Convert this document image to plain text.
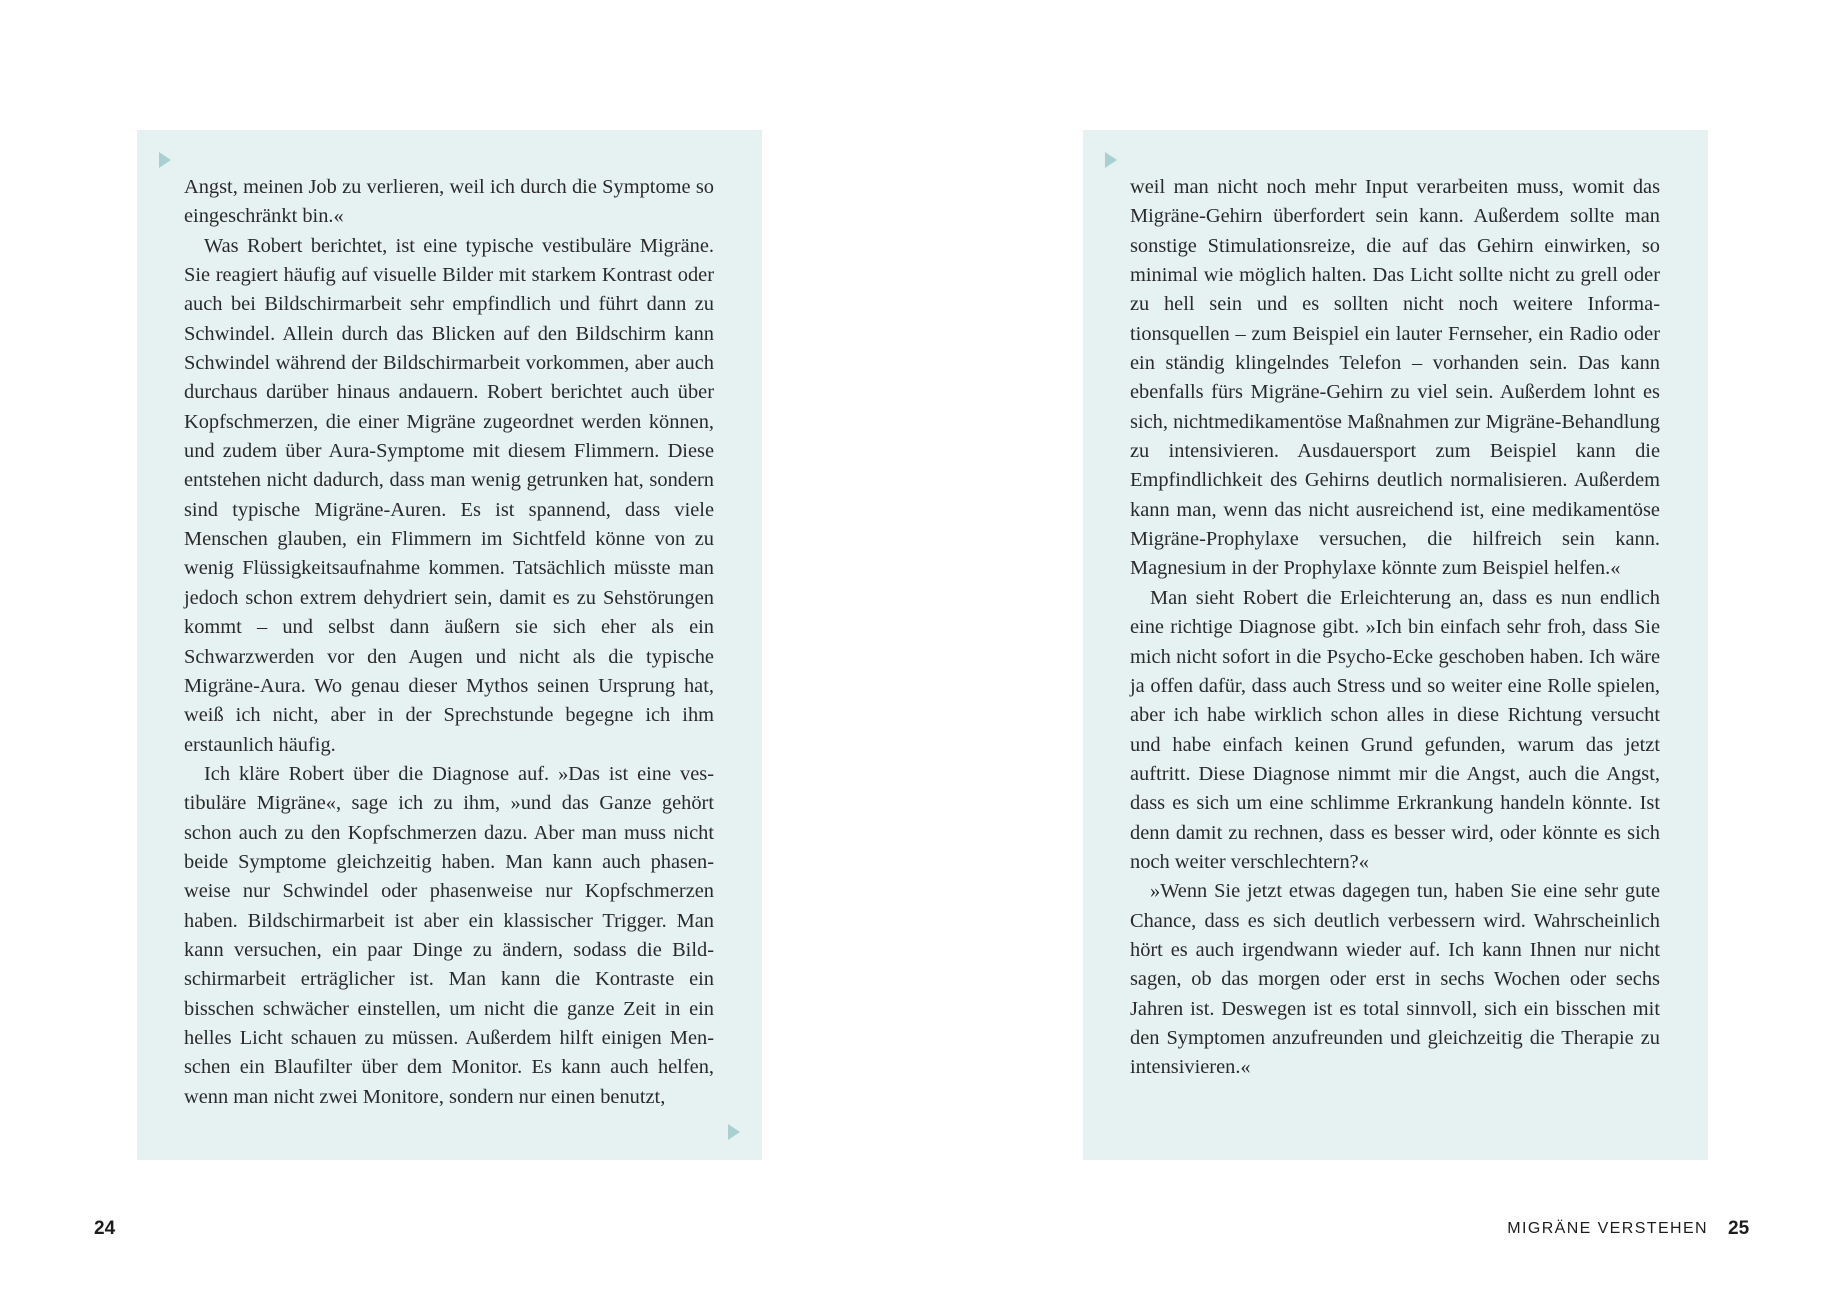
Angst, meinen Job zu verlieren, weil ich durch die Symptome so eingeschränkt bin.«

Was Robert berichtet, ist eine typische vestibuläre Migräne. Sie reagiert häufig auf visuelle Bilder mit starkem Kontrast oder auch bei Bildschirmarbeit sehr empfindlich und führt dann zu Schwindel. Allein durch das Blicken auf den Bildschirm kann Schwindel während der Bildschirmarbeit vorkommen, aber auch durchaus darüber hinaus andauern. Robert berichtet auch über Kopfschmerzen, die einer Migräne zugeordnet werden können, und zudem über Aura-Symptome mit diesem Flimmern. Diese entstehen nicht dadurch, dass man wenig getrunken hat, sondern sind typische Migräne-Auren. Es ist spannend, dass viele Menschen glauben, ein Flimmern im Sichtfeld könne von zu wenig Flüssigkeitsaufnahme kommen. Tatsächlich müsste man jedoch schon extrem dehydriert sein, damit es zu Sehstörungen kommt – und selbst dann äußern sie sich eher als ein Schwarzwerden vor den Augen und nicht als die typische Migräne-Aura. Wo genau dieser Mythos seinen Ursprung hat, weiß ich nicht, aber in der Sprechstunde begegne ich ihm erstaunlich häufig.

Ich kläre Robert über die Diagnose auf. »Das ist eine vestibuläre Migräne«, sage ich zu ihm, »und das Ganze gehört schon auch zu den Kopfschmerzen dazu. Aber man muss nicht beide Symptome gleichzeitig haben. Man kann auch phasenweise nur Schwindel oder phasenweise nur Kopfschmerzen haben. Bildschirmarbeit ist aber ein klassischer Trigger. Man kann versuchen, ein paar Dinge zu ändern, sodass die Bildschirmarbeit erträglicher ist. Man kann die Kontraste ein bisschen schwächer einstellen, um nicht die ganze Zeit in ein helles Licht schauen zu müssen. Außerdem hilft einigen Menschen ein Blaufilter über dem Monitor. Es kann auch helfen, wenn man nicht zwei Monitore, sondern nur einen benutzt,

weil man nicht noch mehr Input verarbeiten muss, womit das Migräne-Gehirn überfordert sein kann. Außerdem sollte man sonstige Stimulationsreize, die auf das Gehirn einwirken, so minimal wie möglich halten. Das Licht sollte nicht zu grell oder zu hell sein und es sollten nicht noch weitere Informationsquellen – zum Beispiel ein lauter Fernseher, ein Radio oder ein ständig klingelndes Telefon – vorhanden sein. Das kann ebenfalls fürs Migräne-Gehirn zu viel sein. Außerdem lohnt es sich, nichtmedikamentöse Maßnahmen zur Migräne-Behandlung zu intensivieren. Ausdauersport zum Beispiel kann die Empfindlichkeit des Gehirns deutlich normalisieren. Außerdem kann man, wenn das nicht ausreichend ist, eine medikamentöse Migräne-Prophylaxe versuchen, die hilfreich sein kann. Magnesium in der Prophylaxe könnte zum Beispiel helfen.«

Man sieht Robert die Erleichterung an, dass es nun endlich eine richtige Diagnose gibt. »Ich bin einfach sehr froh, dass Sie mich nicht sofort in die Psycho-Ecke geschoben haben. Ich wäre ja offen dafür, dass auch Stress und so weiter eine Rolle spielen, aber ich habe wirklich schon alles in diese Richtung versucht und habe einfach keinen Grund gefunden, warum das jetzt auftritt. Diese Diagnose nimmt mir die Angst, auch die Angst, dass es sich um eine schlimme Erkrankung handeln könnte. Ist denn damit zu rechnen, dass es besser wird, oder könnte es sich noch weiter verschlechtern?«

»Wenn Sie jetzt etwas dagegen tun, haben Sie eine sehr gute Chance, dass es sich deutlich verbessern wird. Wahrscheinlich hört es auch irgendwann wieder auf. Ich kann Ihnen nur nicht sagen, ob das morgen oder erst in sechs Wochen oder sechs Jahren ist. Deswegen ist es total sinnvoll, sich ein bisschen mit den Symptomen anzufreunden und gleichzeitig die Therapie zu intensivieren.«

24	MIGRÄNE VERSTEHEN 25
